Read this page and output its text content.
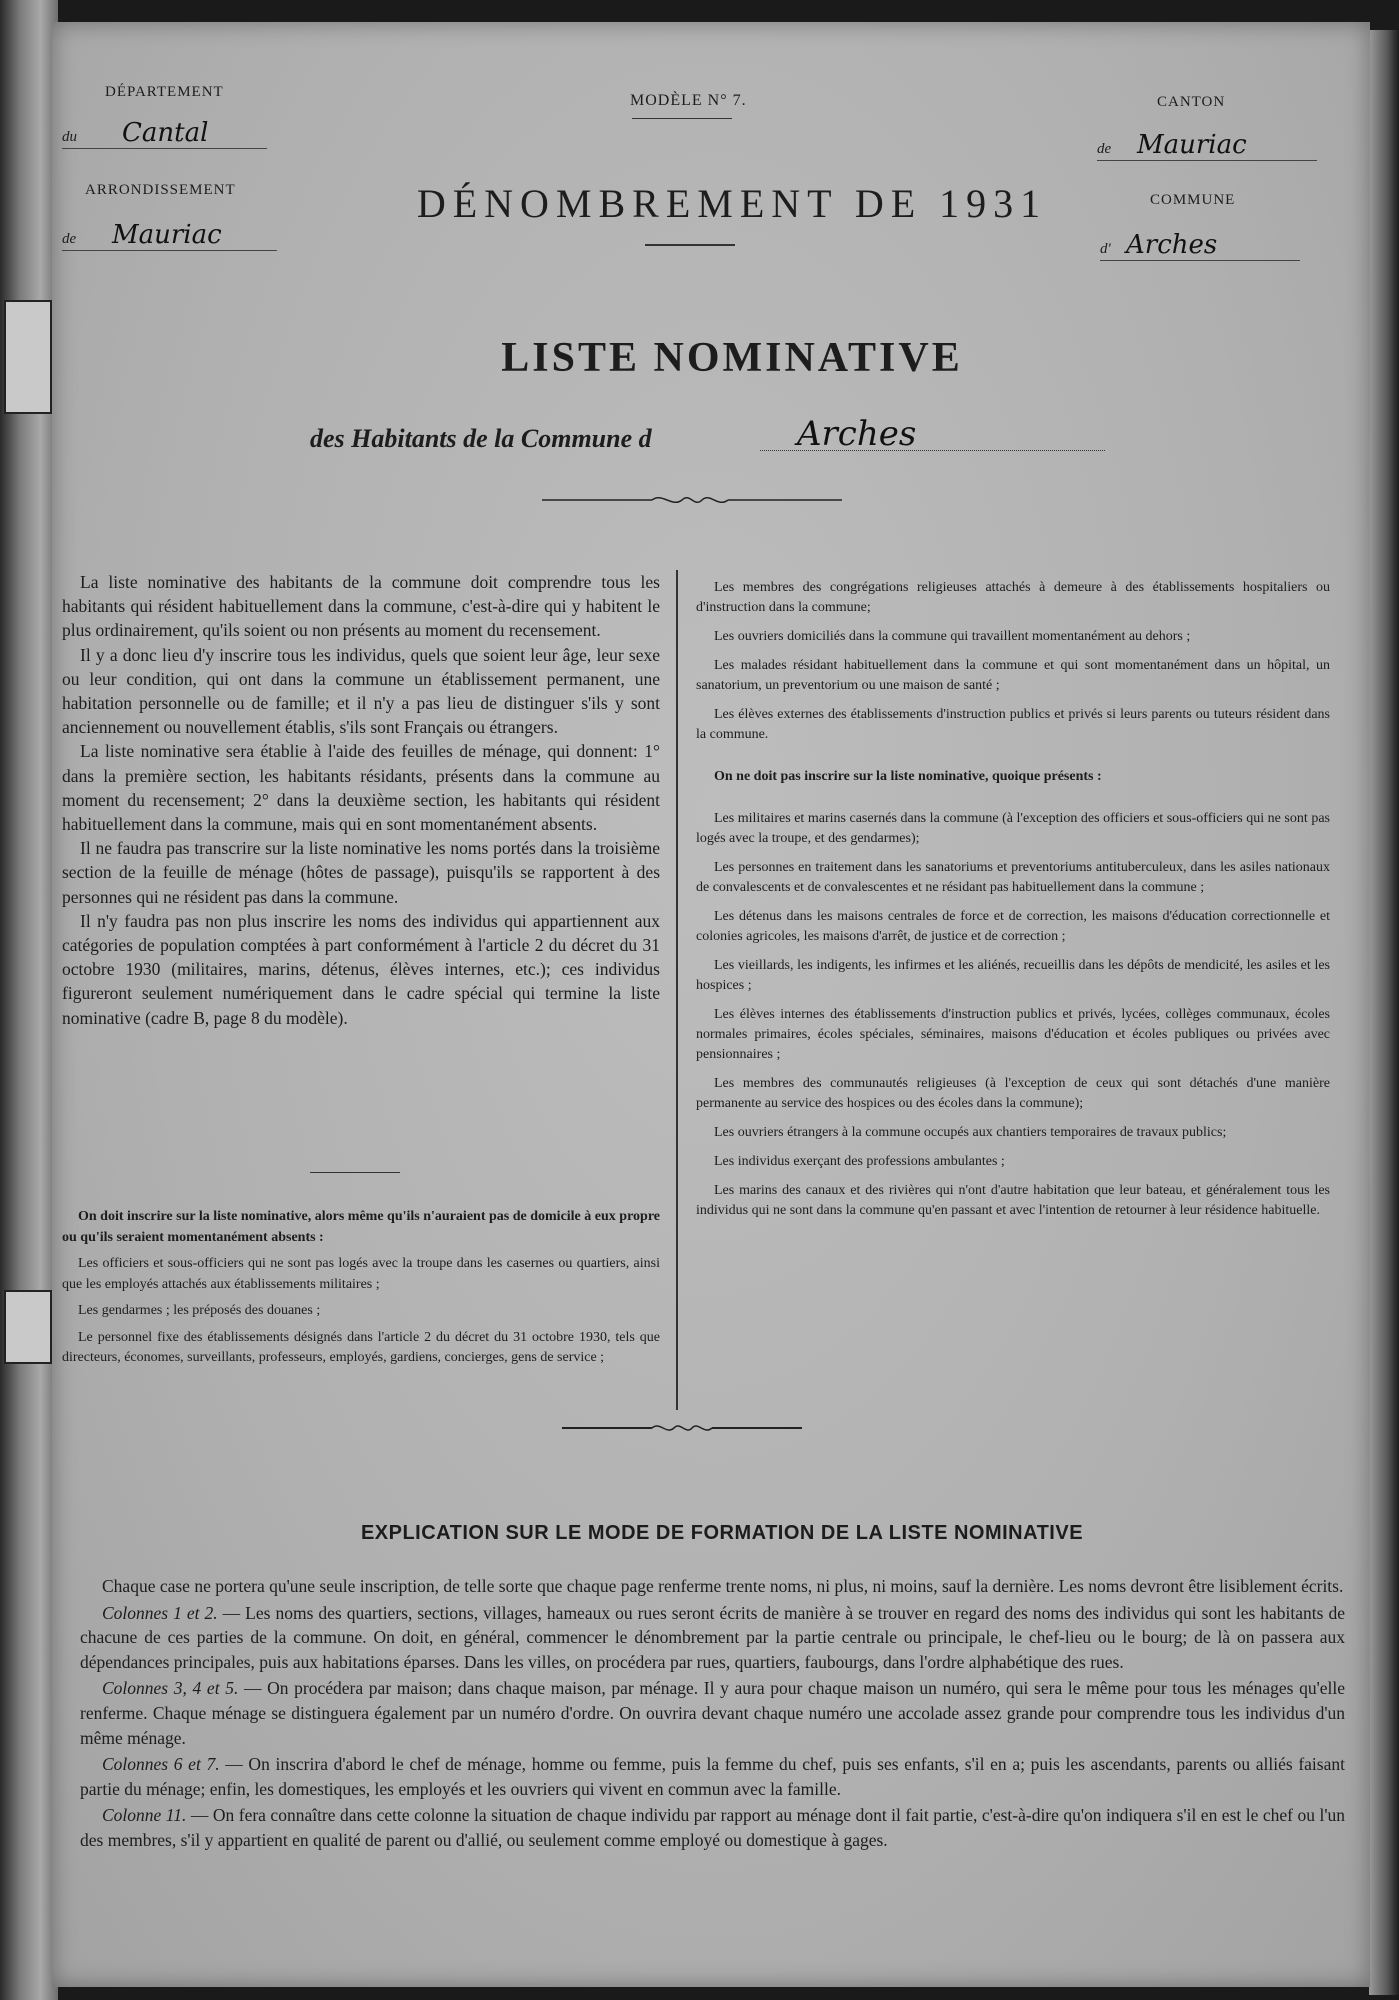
DÉPARTEMENT
du Cantal
ARRONDISSEMENT
de Mauriac
MODÈLE N° 7.	CANTON
de Mauriac
COMMUNE
d' Arches
DÉNOMBREMENT DE 1931
LISTE NOMINATIVE
des Habitants de la Commune d	Arches

La liste nominative des habitants de la commune doit comprendre tous les habitants qui résident habituellement dans la commune, c'est-à-dire qui y habitent le plus ordinairement, qu'ils soient ou non présents au moment du recensement.

Il y a donc lieu d'y inscrire tous les individus, quels que soient leur âge, leur sexe ou leur condition, qui ont dans la commune un établissement permanent, une habitation personnelle ou de famille; et il n'y a pas lieu de distinguer s'ils y sont anciennement ou nouvellement établis, s'ils sont Français ou étrangers.

La liste nominative sera établie à l'aide des feuilles de ménage, qui donnent: 1° dans la première section, les habitants résidants, présents dans la commune au moment du recensement; 2° dans la deuxième section, les habitants qui résident habituellement dans la commune, mais qui en sont momentanément absents.

Il ne faudra pas transcrire sur la liste nominative les noms portés dans la troisième section de la feuille de ménage (hôtes de passage), puisqu'ils se rapportent à des personnes qui ne résident pas dans la commune.

Il n'y faudra pas non plus inscrire les noms des individus qui appartiennent aux catégories de population comptées à part conformément à l'article 2 du décret du 31 octobre 1930 (militaires, marins, détenus, élèves internes, etc.); ces individus figureront seulement numériquement dans le cadre spécial qui termine la liste nominative (cadre B, page 8 du modèle).

On doit inscrire sur la liste nominative, alors même qu'ils n'auraient pas de domicile à eux propre ou qu'ils seraient momentanément absents :

Les officiers et sous-officiers qui ne sont pas logés avec la troupe dans les casernes ou quartiers, ainsi que les employés attachés aux établissements militaires ;

Les gendarmes ; les préposés des douanes ;

Le personnel fixe des établissements désignés dans l'article 2 du décret du 31 octobre 1930, tels que directeurs, économes, surveillants, professeurs, employés, gardiens, concierges, gens de service ;

Les membres des congrégations religieuses attachés à demeure à des établissements hospitaliers ou d'instruction dans la commune;

Les ouvriers domiciliés dans la commune qui travaillent momentanément au dehors ;

Les malades résidant habituellement dans la commune et qui sont momentanément dans un hôpital, un sanatorium, un preventorium ou une maison de santé ;

Les élèves externes des établissements d'instruction publics et privés si leurs parents ou tuteurs résident dans la commune.

On ne doit pas inscrire sur la liste nominative, quoique présents :

Les militaires et marins casernés dans la commune (à l'exception des officiers et sous-officiers qui ne sont pas logés avec la troupe, et des gendarmes);

Les personnes en traitement dans les sanatoriums et preventoriums antituberculeux, dans les asiles nationaux de convalescents et de convalescentes et ne résidant pas habituellement dans la commune ;

Les détenus dans les maisons centrales de force et de correction, les maisons d'éducation correctionnelle et colonies agricoles, les maisons d'arrêt, de justice et de correction ;

Les vieillards, les indigents, les infirmes et les aliénés, recueillis dans les dépôts de mendicité, les asiles et les hospices ;

Les élèves internes des établissements d'instruction publics et privés, lycées, collèges communaux, écoles normales primaires, écoles spéciales, séminaires, maisons d'éducation et écoles publiques ou privées avec pensionnaires ;

Les membres des communautés religieuses (à l'exception de ceux qui sont détachés d'une manière permanente au service des hospices ou des écoles dans la commune);

Les ouvriers étrangers à la commune occupés aux chantiers temporaires de travaux publics;

Les individus exerçant des professions ambulantes ;

Les marins des canaux et des rivières qui n'ont d'autre habitation que leur bateau, et généralement tous les individus qui ne sont dans la commune qu'en passant et avec l'intention de retourner à leur résidence habituelle.

EXPLICATION SUR LE MODE DE FORMATION DE LA LISTE NOMINATIVE

Chaque case ne portera qu'une seule inscription, de telle sorte que chaque page renferme trente noms, ni plus, ni moins, sauf la dernière. Les noms devront être lisiblement écrits.

Colonnes 1 et 2. — Les noms des quartiers, sections, villages, hameaux ou rues seront écrits de manière à se trouver en regard des noms des individus qui sont les habitants de chacune de ces parties de la commune. On doit, en général, commencer le dénombrement par la partie centrale ou principale, le chef-lieu ou le bourg; de là on passera aux dépendances principales, puis aux habitations éparses. Dans les villes, on procédera par rues, quartiers, faubourgs, dans l'ordre alphabétique des rues.

Colonnes 3, 4 et 5. — On procédera par maison; dans chaque maison, par ménage. Il y aura pour chaque maison un numéro, qui sera le même pour tous les ménages qu'elle renferme. Chaque ménage se distinguera également par un numéro d'ordre. On ouvrira devant chaque numéro une accolade assez grande pour comprendre tous les individus d'un même ménage.

Colonnes 6 et 7. — On inscrira d'abord le chef de ménage, homme ou femme, puis la femme du chef, puis ses enfants, s'il en a; puis les ascendants, parents ou alliés faisant partie du ménage; enfin, les domestiques, les employés et les ouvriers qui vivent en commun avec la famille.

Colonne 11. — On fera connaître dans cette colonne la situation de chaque individu par rapport au ménage dont il fait partie, c'est-à-dire qu'on indiquera s'il en est le chef ou l'un des membres, s'il y appartient en qualité de parent ou d'allié, ou seulement comme employé ou domestique à gages.
